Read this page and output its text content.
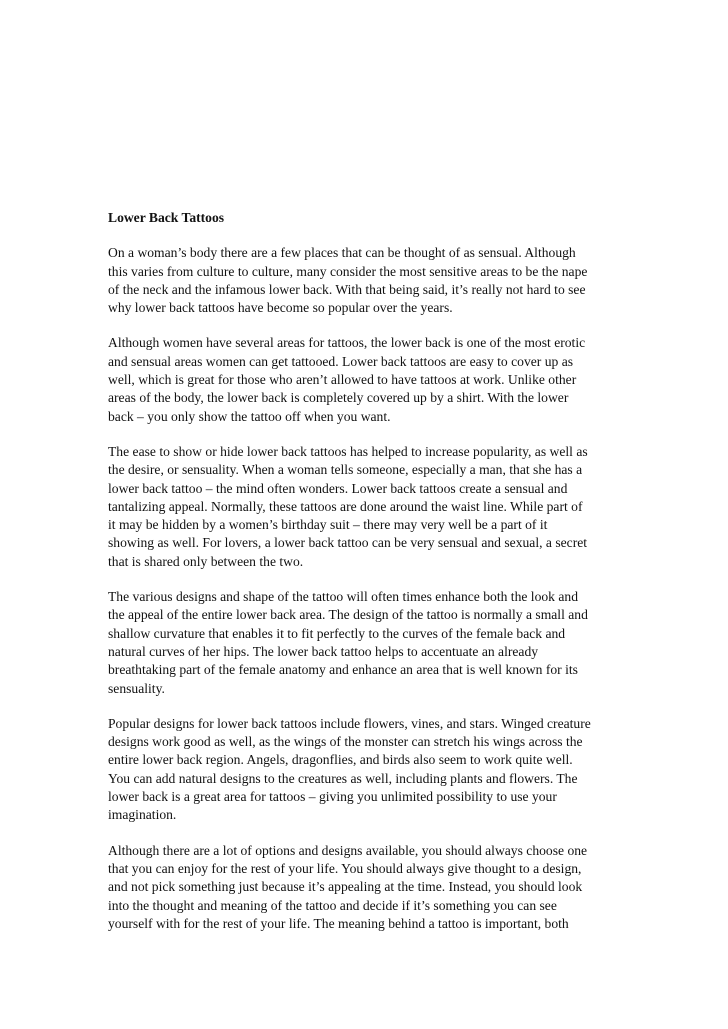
Lower Back Tattoos
On a woman’s body there are a few places that can be thought of as sensual. Although
this varies from culture to culture, many consider the most sensitive areas to be the nape
of the neck and the infamous lower back. With that being said, it’s really not hard to see
why lower back tattoos have become so popular over the years.
Although women have several areas for tattoos, the lower back is one of the most erotic
and sensual areas women can get tattooed. Lower back tattoos are easy to cover up as
well, which is great for those who aren’t allowed to have tattoos at work. Unlike other
areas of the body, the lower back is completely covered up by a shirt. With the lower
back – you only show the tattoo off when you want.
The ease to show or hide lower back tattoos has helped to increase popularity, as well as
the desire, or sensuality. When a woman tells someone, especially a man, that she has a
lower back tattoo – the mind often wonders. Lower back tattoos create a sensual and
tantalizing appeal. Normally, these tattoos are done around the waist line. While part of
it may be hidden by a women’s birthday suit – there may very well be a part of it
showing as well. For lovers, a lower back tattoo can be very sensual and sexual, a secret
that is shared only between the two.
The various designs and shape of the tattoo will often times enhance both the look and
the appeal of the entire lower back area. The design of the tattoo is normally a small and
shallow curvature that enables it to fit perfectly to the curves of the female back and
natural curves of her hips. The lower back tattoo helps to accentuate an already
breathtaking part of the female anatomy and enhance an area that is well known for its
sensuality.
Popular designs for lower back tattoos include flowers, vines, and stars. Winged creature
designs work good as well, as the wings of the monster can stretch his wings across the
entire lower back region. Angels, dragonflies, and birds also seem to work quite well.
You can add natural designs to the creatures as well, including plants and flowers. The
lower back is a great area for tattoos – giving you unlimited possibility to use your
imagination.
Although there are a lot of options and designs available, you should always choose one
that you can enjoy for the rest of your life. You should always give thought to a design,
and not pick something just because it’s appealing at the time. Instead, you should look
into the thought and meaning of the tattoo and decide if it’s something you can see
yourself with for the rest of your life. The meaning behind a tattoo is important, both
